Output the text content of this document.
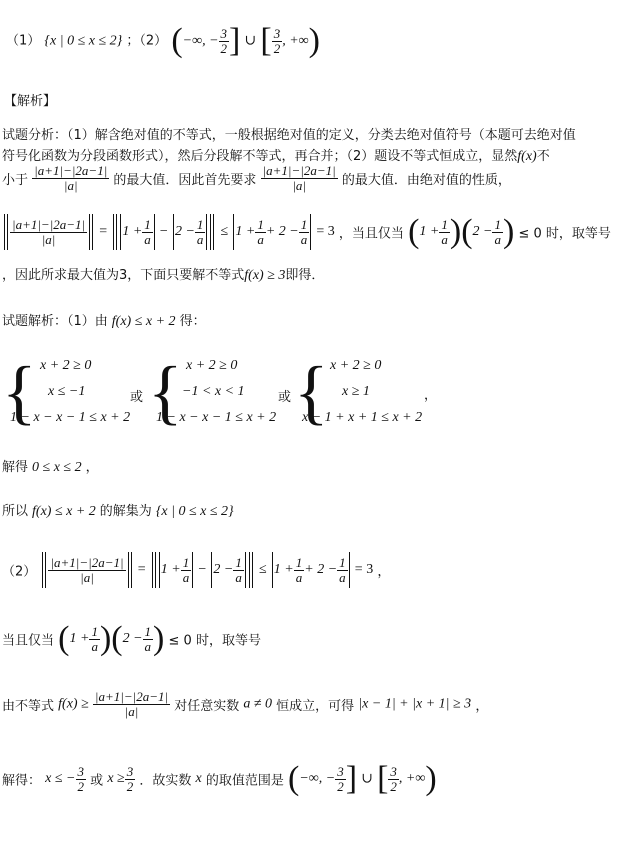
（1） {x | 0 ≤ x ≤ 2} ；（2） (−∞, − $\frac{3}{2}$ ] ∪ [ $\frac{3}{2}$ , +∞)
【解析】
试题分析：（1）解含绝对值的不等式，一般根据绝对值的定义，分类去绝对值符号（本题可去绝对值
符号化函数为分段函数形式），然后分段解不等式，再合并；（2）题设不等式恒成立，显然f(x)不
小于 $\frac{|a+1|-|2a-1|}{|a|}$ 的最大值．因此首先要求 $\frac{|a+1|-|2a-1|}{|a|}$ 的最大值．由绝对值的性质，
$\frac{|a+1|-|2a-1|}{|a|} = 1 + \frac{1}{a} - 2 - \frac{1}{a} \le 1 + \frac{1}{a} + 2 - \frac{1}{a} = 3$ ，当且仅当 $(1 + \frac{1}{a} )(2 - \frac{1}{a}$ ) ≤ 0 时，取等号
，因此所求最大值为3，下面只要解不等式f(x) ≥ 3即得．
试题解析：（1）由 f(x) ≤ x + 2 得：
{ x + 2 ≥ 0
x ≤ −1
1 − x − x − 1 ≤ x + 2
或 { x + 2 ≥ 0
−1 < x < 1
1 − x − x − 1 ≤ x + 2
或 { x + 2 ≥ 0
x ≥ 1
x − 1 + x + 1 ≤ x + 2
，
解得 0 ≤ x ≤ 2 ，
所以 f(x) ≤ x + 2 的解集为 {x | 0 ≤ x ≤ 2}
$(2) \frac{|a+1|-|2a-1|}{|a|} = 1 + \frac{1}{a} - 2 - \frac{1}{a} \le 1 + \frac{1}{a} + 2 - \frac{1}{a} = 3$ ，
当且仅当 $(1 + \frac{1}{a} )(2 - \frac{1}{a}$ ) ≤ 0 时，取等号
由不等式 $f(x) \ge \frac{|a+1|-|2a-1|}{|a|}$ 对任意实数 a ≠ 0 恒成立，可得 |x − 1| + |x + 1| ≥ 3 ，
解得： x ≤ − $\frac{3}{2}$ 或 $x \ge \frac{3}{2}$ ．故实数 x 的取值范围是 (−∞, − $\frac{3}{2}$ ] ∪ [ $\frac{3}{2}$ , +∞)
